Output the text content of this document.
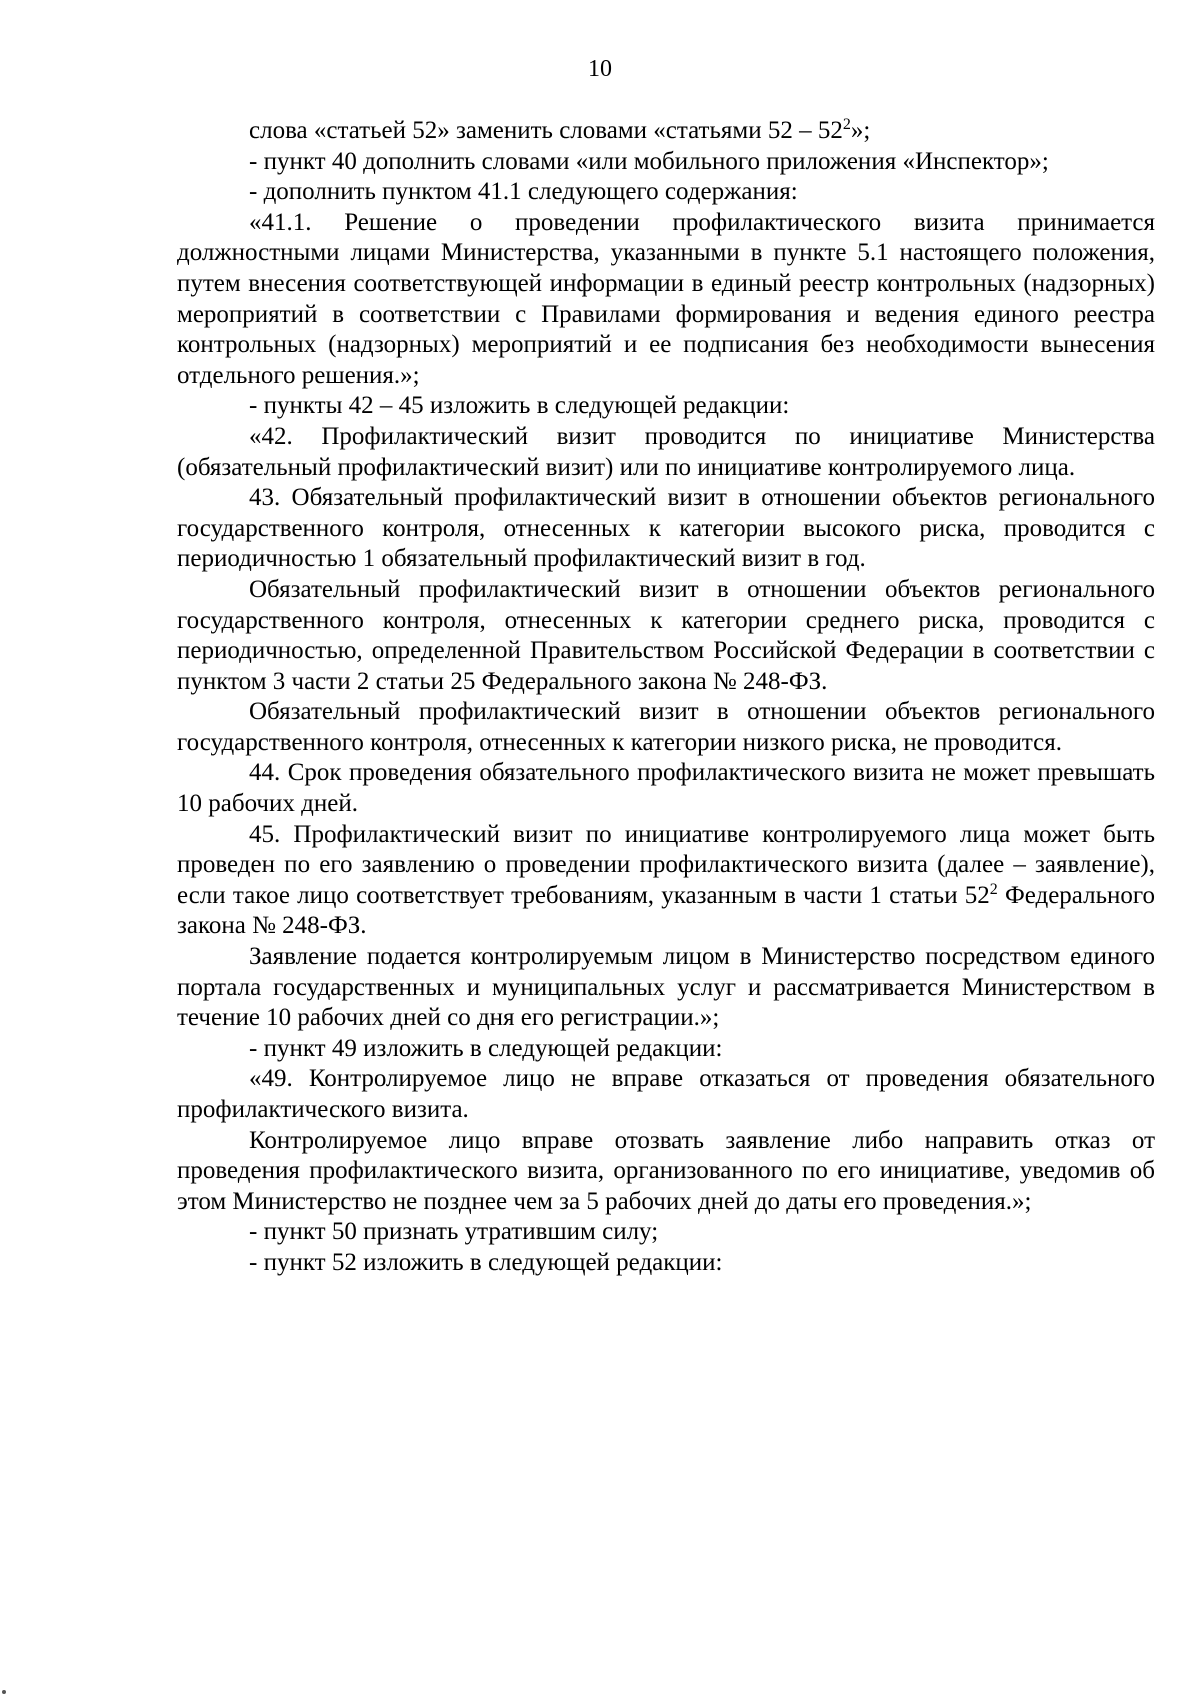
10

слова «статьей 52» заменить словами «статьями $52 - 52^2$»;

- пункт 40 дополнить словами «или мобильного приложения «Инспектор»;

- дополнить пунктом 41.1 следующего содержания:

«41.1. Решение о проведении профилактического визита принимается должностными лицами Министерства, указанными в пункте 5.1 настоящего положения, путем внесения соответствующей информации в единый реестр контрольных (надзорных) мероприятий в соответствии с Правилами формирования и ведения единого реестра контрольных (надзорных) мероприятий и ее подписания без необходимости вынесения отдельного решения.»;

- пункты 42 – 45 изложить в следующей редакции:

«42. Профилактический визит проводится по инициативе Министерства (обязательный профилактический визит) или по инициативе контролируемого лица.

43. Обязательный профилактический визит в отношении объектов регионального государственного контроля, отнесенных к категории высокого риска, проводится с периодичностью 1 обязательный профилактический визит в год.

Обязательный профилактический визит в отношении объектов регионального государственного контроля, отнесенных к категории среднего риска, проводится с периодичностью, определенной Правительством Российской Федерации в соответствии с пунктом 3 части 2 статьи 25 Федерального закона № 248-ФЗ.

Обязательный профилактический визит в отношении объектов регионального государственного контроля, отнесенных к категории низкого риска, не проводится.

44. Срок проведения обязательного профилактического визита не может превышать 10 рабочих дней.

45. Профилактический визит по инициативе контролируемого лица может быть проведен по его заявлению о проведении профилактического визита (далее – заявление), если такое лицо соответствует требованиям, указанным в части 1 статьи $52^2$ Федерального закона № 248-ФЗ.

Заявление подается контролируемым лицом в Министерство посредством единого портала государственных и муниципальных услуг и рассматривается Министерством в течение 10 рабочих дней со дня его регистрации.»;

- пункт 49 изложить в следующей редакции:

«49. Контролируемое лицо не вправе отказаться от проведения обязательного профилактического визита.

Контролируемое лицо вправе отозвать заявление либо направить отказ от проведения профилактического визита, организованного по его инициативе, уведомив об этом Министерство не позднее чем за 5 рабочих дней до даты его проведения.»;

- пункт 50 признать утратившим силу;

- пункт 52 изложить в следующей редакции:
